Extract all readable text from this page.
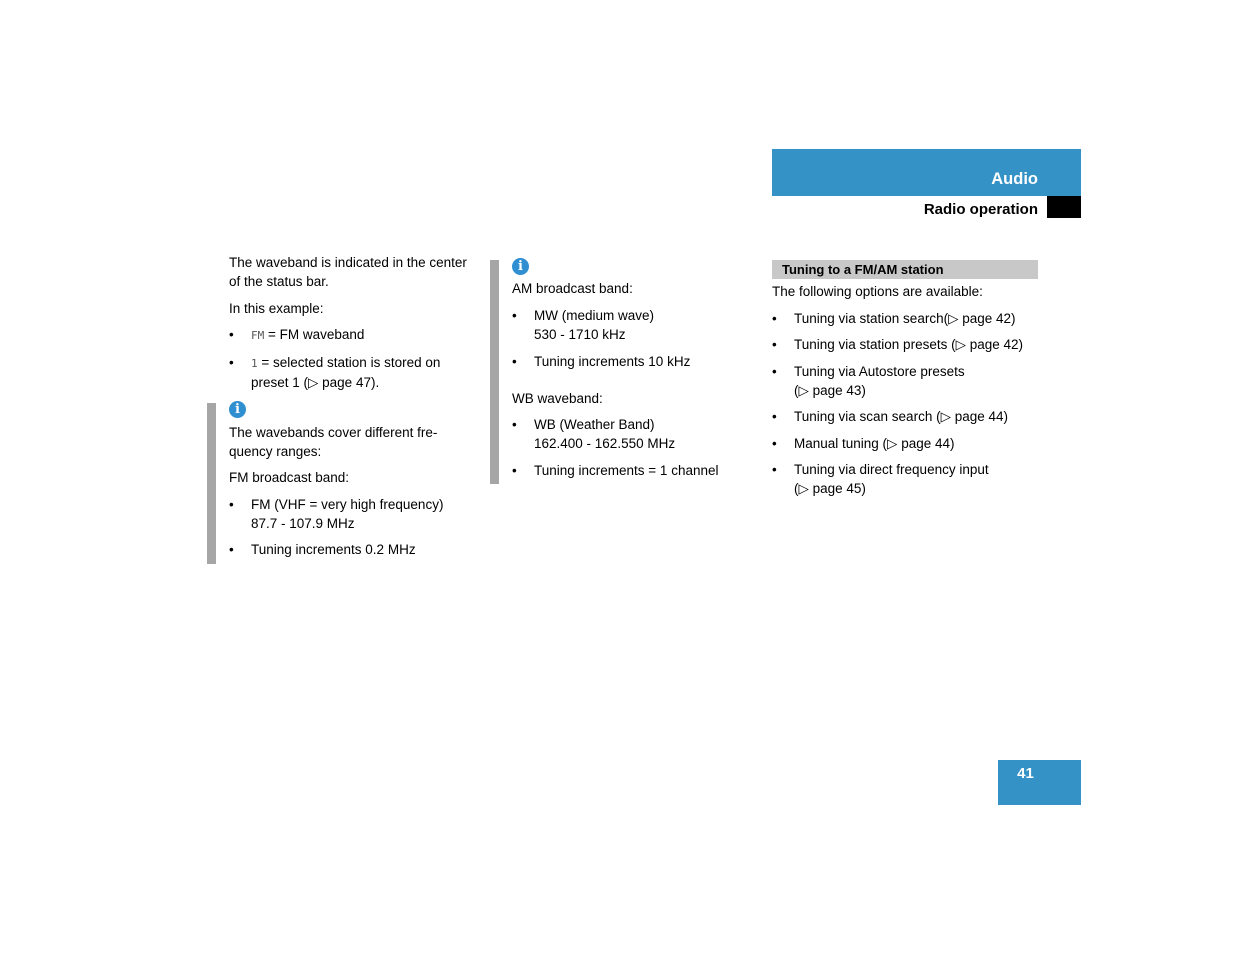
Audio
Radio operation

The waveband is indicated in the center of the status bar.

In this example:

• FM = FM waveband
• 1 = selected station is stored on preset 1 (▷ page 47).
i

The wavebands cover different fre-quency ranges:

FM broadcast band:

• FM (VHF = very high frequency) 87.7 - 107.9 MHz
• Tuning increments 0.2 MHz
i

AM broadcast band:

• MW (medium wave)
530 - 1710 kHz
• Tuning increments 10 kHz

WB waveband:

• WB (Weather Band)
162.400 - 162.550 MHz
• Tuning increments = 1 channel
Tuning to a FM/AM station

The following options are available:

• Tuning via station search(▷ page 42)
• Tuning via station presets (▷ page 42)
• Tuning via Autostore presets
(▷ page 43)
• Tuning via scan search (▷ page 44)
• Manual tuning (▷ page 44)
• Tuning via direct frequency input
(▷ page 45)
41
